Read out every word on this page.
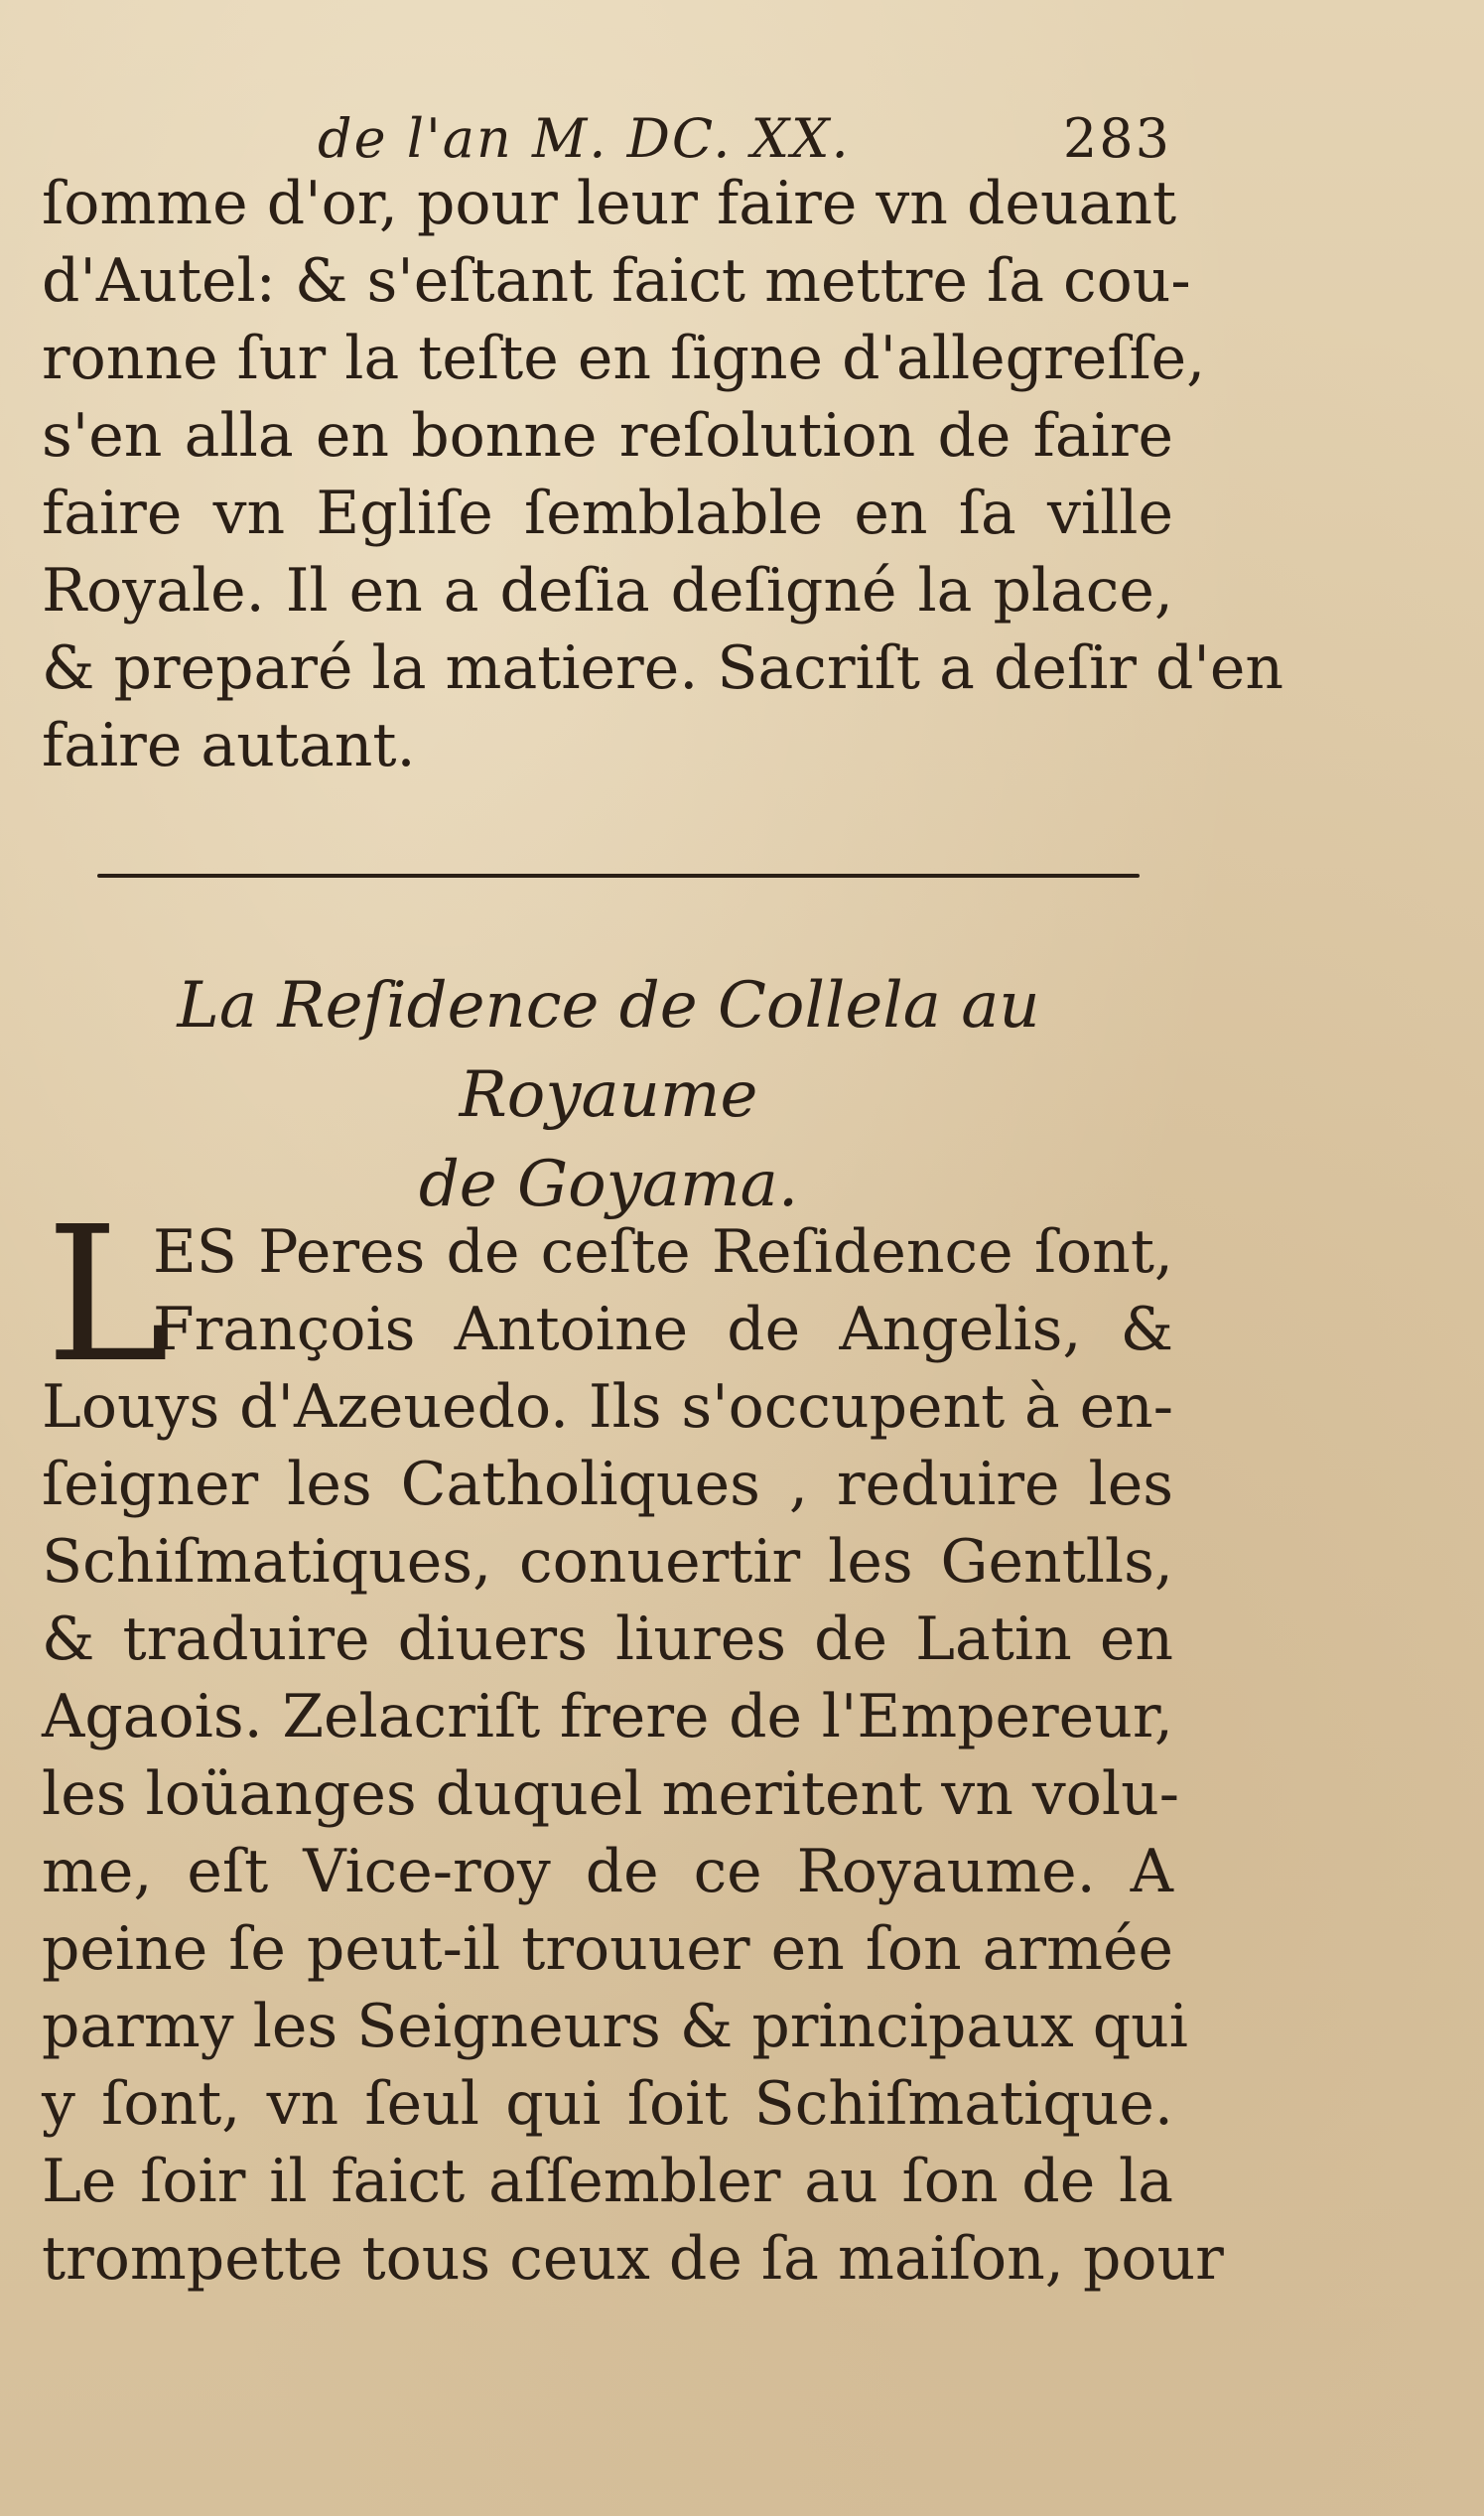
de l'an M. DC. XX.	283
ſomme d'or, pour leur faire vn deuant
d'Autel: & s'eſtant faict mettre ſa cou-
ronne ſur la teſte en ſigne d'allegreſſe,
s'en alla en bonne reſolution de faire
faire vn Egliſe ſemblable en ſa ville
Royale. Il en a deſia deſigné la place,
& preparé la matiere. Sacriſt a deſir d'en
faire autant.
La Reſidence de Collela au Royaume
de Goyama.
L
ES Peres de ceſte Reſidence ſont,
François Antoine de Angelis, &
Louys d'Azeuedo. Ils s'occupent à en-
ſeigner les Catholiques , reduire les
Schiſmatiques, conuertir les Gentlls,
& traduire diuers liures de Latin en
Agaois. Zelacriſt frere de l'Empereur,
les loüanges duquel meritent vn volu-
me, eſt Vice-roy de ce Royaume. A
peine ſe peut-il trouuer en ſon armée
parmy les Seigneurs & principaux qui
y ſont, vn ſeul qui ſoit Schiſmatique.
Le ſoir il faict aſſembler au ſon de la
trompette tous ceux de ſa maiſon, pour
